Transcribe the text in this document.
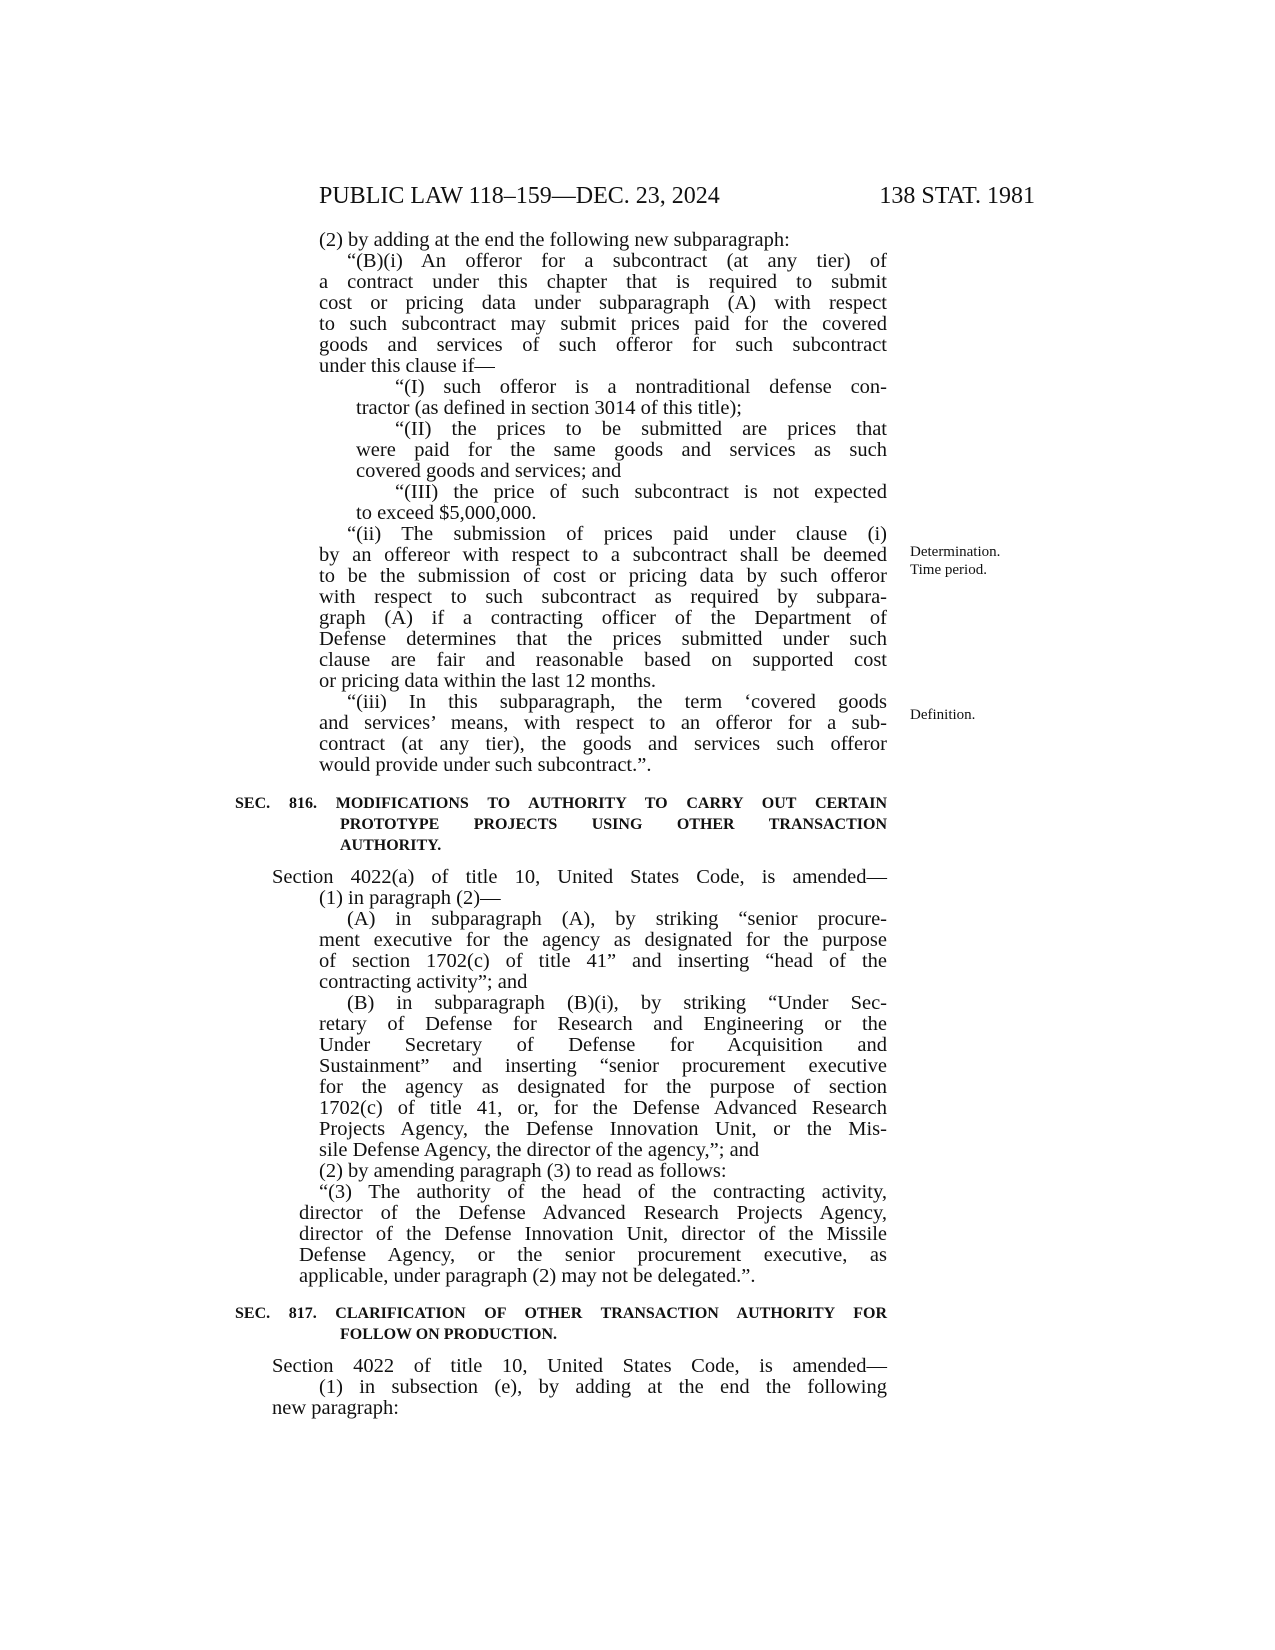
PUBLIC LAW 118–159—DEC. 23, 2024	138 STAT. 1981
Determination.
Time period.
Definition.
(2) by adding at the end the following new subparagraph:
“(B)(i) An offeror for a subcontract (at any tier) of
a contract under this chapter that is required to submit
cost or pricing data under subparagraph (A) with respect
to such subcontract may submit prices paid for the covered
goods and services of such offeror for such subcontract
under this clause if—
“(I) such offeror is a nontraditional defense con-
tractor (as defined in section 3014 of this title);
“(II) the prices to be submitted are prices that
were paid for the same goods and services as such
covered goods and services; and
“(III) the price of such subcontract is not expected
to exceed $5,000,000.
“(ii) The submission of prices paid under clause (i)
by an offereor with respect to a subcontract shall be deemed
to be the submission of cost or pricing data by such offeror
with respect to such subcontract as required by subpara-
graph (A) if a contracting officer of the Department of
Defense determines that the prices submitted under such
clause are fair and reasonable based on supported cost
or pricing data within the last 12 months.
“(iii) In this subparagraph, the term ‘covered goods
and services’ means, with respect to an offeror for a sub-
contract (at any tier), the goods and services such offeror
would provide under such subcontract.”.
SEC. 816. MODIFICATIONS TO AUTHORITY TO CARRY OUT CERTAIN
PROTOTYPE PROJECTS USING OTHER TRANSACTION
AUTHORITY.
Section 4022(a) of title 10, United States Code, is amended—
(1) in paragraph (2)—
(A) in subparagraph (A), by striking “senior procure-
ment executive for the agency as designated for the purpose
of section 1702(c) of title 41” and inserting “head of the
contracting activity”; and
(B) in subparagraph (B)(i), by striking “Under Sec-
retary of Defense for Research and Engineering or the
Under Secretary of Defense for Acquisition and
Sustainment” and inserting “senior procurement executive
for the agency as designated for the purpose of section
1702(c) of title 41, or, for the Defense Advanced Research
Projects Agency, the Defense Innovation Unit, or the Mis-
sile Defense Agency, the director of the agency,”; and
(2) by amending paragraph (3) to read as follows:
“(3) The authority of the head of the contracting activity,
director of the Defense Advanced Research Projects Agency,
director of the Defense Innovation Unit, director of the Missile
Defense Agency, or the senior procurement executive, as
applicable, under paragraph (2) may not be delegated.”.
SEC. 817. CLARIFICATION OF OTHER TRANSACTION AUTHORITY FOR
FOLLOW ON PRODUCTION.
Section 4022 of title 10, United States Code, is amended—
(1) in subsection (e), by adding at the end the following
new paragraph:
